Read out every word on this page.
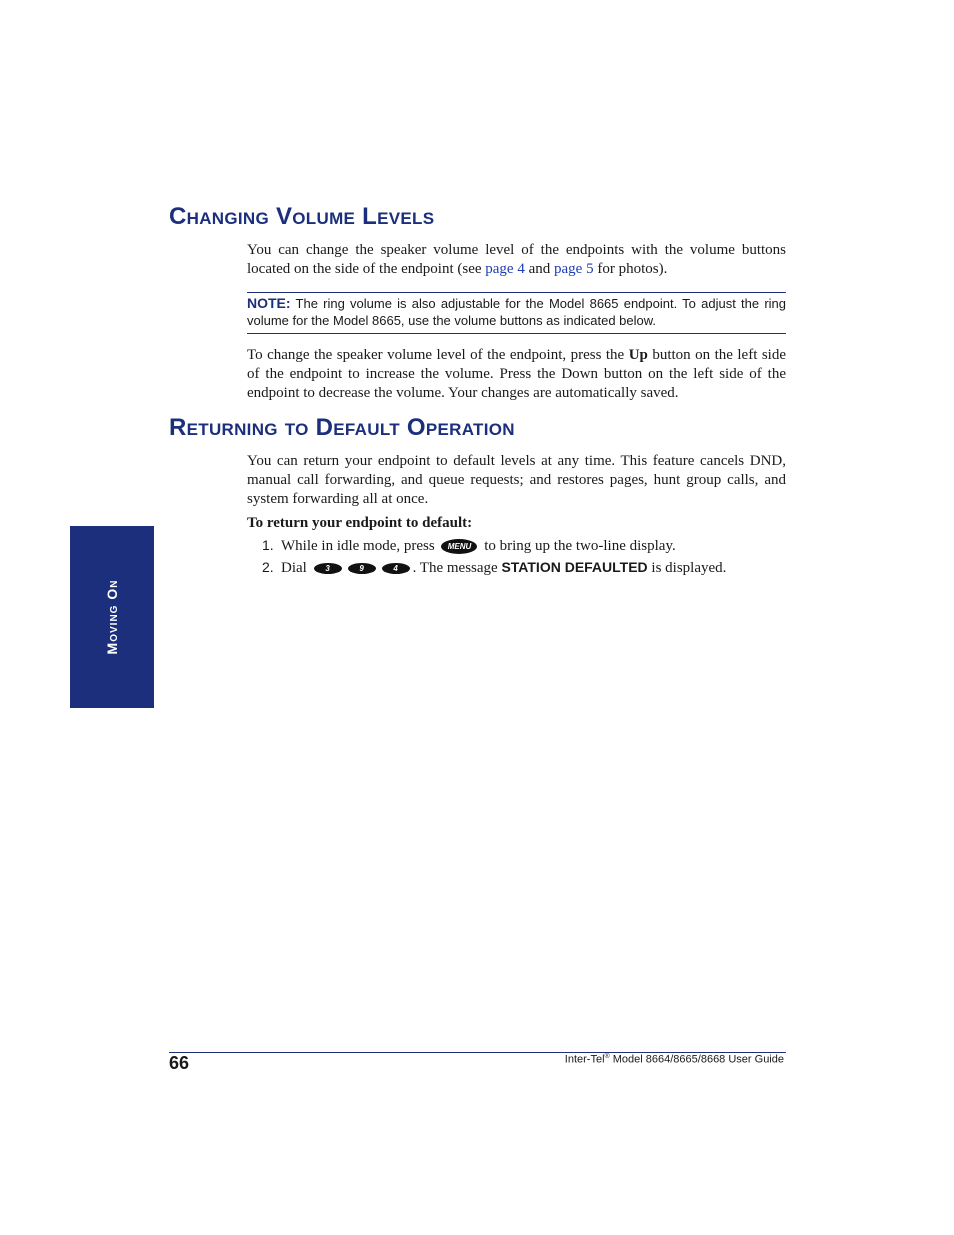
Changing Volume Levels

You can change the speaker volume level of the endpoints with the volume buttons located on the side of the endpoint (see page 4 and page 5 for photos).

NOTE: The ring volume is also adjustable for the Model 8665 endpoint. To adjust the ring volume for the Model 8665, use the volume buttons as indicated below.

To change the speaker volume level of the endpoint, press the Up button on the left side of the endpoint to increase the volume. Press the Down button on the left side of the endpoint to decrease the volume. Your changes are automatically saved.

Returning to Default Operation

You can return your endpoint to default levels at any time. This feature cancels DND, manual call forwarding, and queue requests; and restores pages, hunt group calls, and system forwarding all at once.

To return your endpoint to default:

1. While in idle mode, press MENU to bring up the two-line display.

2. Dial 3	9	4 . The message STATION DEFAULTED is displayed.

Moving On

66	Inter-Tel® Model 8664/8665/8668 User Guide
